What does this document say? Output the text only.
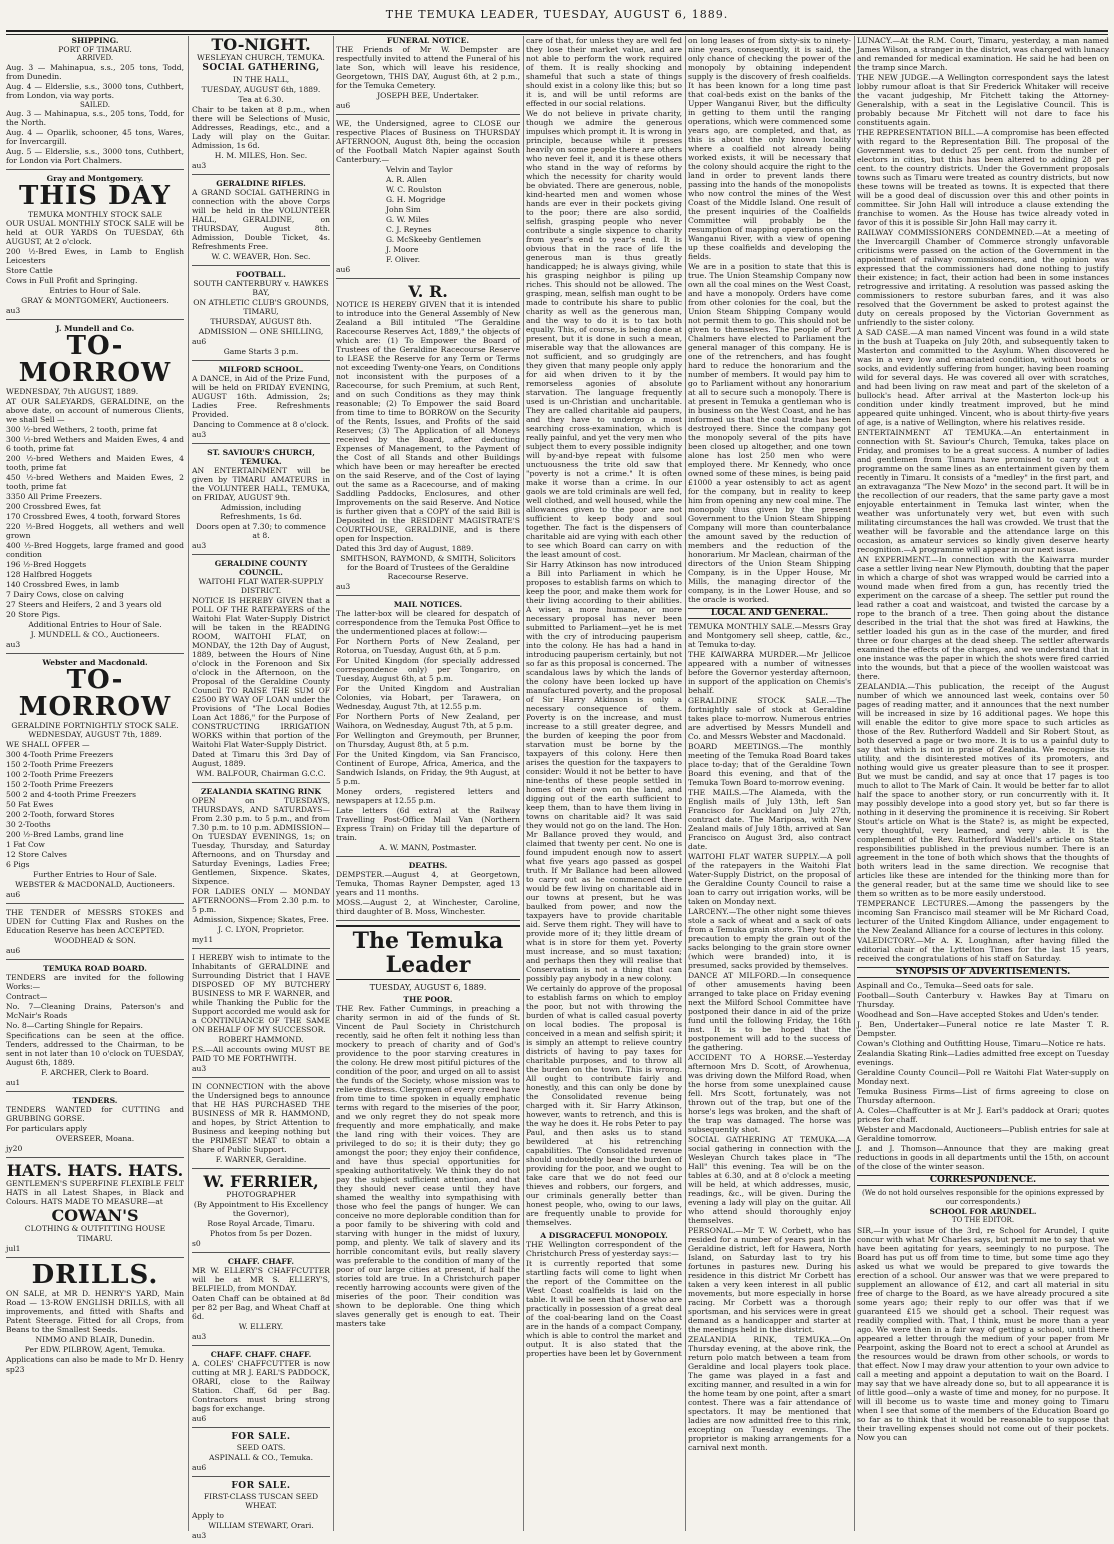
THE TEMUKA LEADER, TUESDAY, AUGUST 6, 1889.
SHIPPING.
PORT OF TIMARU.
ARRIVED.

Aug. 3 — Mahinapua, s.s., 205 tons, Todd, from Dunedin.

Aug. 4 — Elderslie, s.s., 3000 tons, Cuthbert, from London, via way ports.

SAILED.

Aug. 3 — Mahinapua, s.s., 205 tons, Todd, for the North.

Aug. 4 — Oparlik, schooner, 45 tons, Wares, for Invercargill.

Aug. 5 — Elderslie, s.s., 3000 tons, Cuthbert, for London via Port Chalmers.

Gray and Montgomery.
THIS DAY
TEMUKA MONTHLY STOCK SALE

OUR USUAL MONTHLY STOCK SALE will be held at OUR YARDS On TUESDAY, 6th AUGUST, At 2 o'clock.

200 ½-Bred Ewes, in Lamb to English Leicesters

Store Cattle

Cows in Full Profit and Springing.

Entries to Hour of Sale.

GRAY & MONTGOMERY, Auctioneers.

au3

J. Mundell and Co.
TO-MORROW

WEDNESDAY, 7th AUGUST, 1889.

AT OUR SALEYARDS, GERALDINE, on the above date, on account of numerous Clients, we shall Sell —

300 ½-bred Wethers, 2 tooth, prime fat

300 ½-bred Wethers and Maiden Ewes, 4 and 6 tooth, prime fat

200 ½-bred Wethers and Maiden Ewes, 4 tooth, prime fat

450 ½-bred Wethers and Maiden Ewes, 2 tooth, prime fat

3350 All Prime Freezers.

200 Crossbred Ewes, fat

170 Crossbred Ewes, 4 tooth, forward Stores

220 ½-Bred Hoggets, all wethers and well grown

400 ½-Bred Hoggets, large framed and good condition

196 ½-Bred Hoggets

128 Halfbred Hoggets

140 Crossbred Ewes, in lamb

7 Dairy Cows, close on calving

27 Steers and Heifers, 2 and 3 years old

20 Store Pigs.

Additional Entries to Hour of Sale.

J. MUNDELL & CO., Auctioneers.

au3

Webster and Macdonald.
TO-MORROW
GERALDINE FORTNIGHTLY STOCK SALE.

WEDNESDAY, AUGUST 7th, 1889.

WE SHALL OFFER —

300 4-Tooth Prime Freezers

150 2-Tooth Prime Freezers

100 2-Tooth Prime Freezers

150 2-Tooth Prime Freezers

500 2 and 4-tooth Prime Freezers

50 Fat Ewes

200 2-Tooth, forward Stores

30 2-Tooths

200 ½-Bred Lambs, grand line

1 Fat Cow

12 Store Calves

6 Pigs

Further Entries to Hour of Sale.

WEBSTER & MACDONALD, Auctioneers.

au6

THE TENDER of MESSRS STOKES and UDEN for Cutting Flax and Rushes on the Education Reserve has been ACCEPTED.

WOODHEAD & SON.

au6

TEMUKA ROAD BOARD.

TENDERS are invited for the following Works:—

Contract—

No. 7—Cleaning Drains, Paterson's and McNair's Roads

No. 8—Carting Shingle for Repairs.

Specifications can be seen at the office. Tenders, addressed to the Chairman, to be sent in not later than 10 o'clock on TUESDAY, August 6th, 1889.

F. ARCHER, Clerk to Board.

au1

TENDERS.

TENDERS WANTED for CUTTING and GRUBBING GORSE.

For particulars apply

OVERSEER, Moana.

jy20

HATS. HATS. HATS.

GENTLEMEN'S SUPERFINE FLEXIBLE FELT HATS in all Latest Shapes, in Black and Colours. HATS MADE TO MEASURE—at

COWAN'S

CLOTHING & OUTFITTING HOUSE

TIMARU.

jul1

DRILLS.

ON SALE, at MR D. HENRY'S YARD, Main Road — 13-ROW ENGLISH DRILLS, with all improvements, and fitted with Shafts and Patent Steerage. Fitted for all Crops, from Beans to the Smallest Seeds.

NIMMO AND BLAIR, Dunedin.

Per EDW. PILBROW, Agent, Temuka.

Applications can also be made to Mr D. Henry

sp23

TO-NIGHT.

WESLEYAN CHURCH, TEMUKA.

SOCIAL GATHERING,

IN THE HALL,

TUESDAY, AUGUST 6th, 1889.

Tea at 6.30.

Chair to be taken at 8 p.m., when there will be Selections of Music, Addresses, Readings, etc., and a Lady will play on the Guitar. Admission, 1s 6d.

H. M. MILES, Hon. Sec.

au3

GERALDINE RIFLES.

A GRAND SOCIAL GATHERING in connection with the above Corps will be held in the VOLUNTEER HALL, GERALDINE, on THURSDAY, August 8th. Admission, Double Ticket, 4s. Refreshments Free.

W. C. WEAVER, Hon. Sec.

FOOTBALL.

SOUTH CANTERBURY v. HAWKES BAY,

ON ATHLETIC CLUB'S GROUNDS, TIMARU,

THURSDAY, AUGUST 8th.

ADMISSION — ONE SHILLING,

au6

Game Starts 3 p.m.

MILFORD SCHOOL.

A DANCE, in Aid of the Prize Fund, will be held on FRIDAY EVENING, AUGUST 16th. Admission, 2s; Ladies Free. Refreshments Provided.

Dancing to Commence at 8 o'clock.

au3

ST. SAVIOUR'S CHURCH, TEMUKA.

AN ENTERTAINMENT will be given by TIMARU AMATEURS in the VOLUNTEER HALL, TEMUKA, on FRIDAY, AUGUST 9th.

Admission, including Refreshments, 1s 6d.

Doors open at 7.30; to commence at 8.

au3

GERALDINE COUNTY COUNCIL.

WAITOHI FLAT WATER-SUPPLY DISTRICT.

NOTICE IS HEREBY GIVEN that a POLL OF THE RATEPAYERS of the Waitohi Flat Water-Supply District will be taken in the READING ROOM, WAITOHI FLAT, on MONDAY, the 12th Day of August, 1889, between the Hours of Nine o'clock in the Forenoon and Six o'clock in the Afternoon, on the Proposal of the Geraldine County Council TO RAISE THE SUM OF £2500 BY WAY OF LOAN under the Provisions of "The Local Bodies Loan Act 1886," for the Purpose of CONSTRUCTING IRRIGATION WORKS within that portion of the Waitohi Flat Water-Supply District.

Dated at Timaru this 3rd Day of August, 1889.

WM. BALFOUR, Chairman G.C.C.

ZEALANDIA SKATING RINK

OPEN on TUESDAYS, THURSDAYS, AND SATURDAYS—From 2.30 p.m. to 5 p.m., and from 7.30 p.m. to 10 p.m. ADMISSION—On TUESDAY EVENINGS, 1s; on Tuesday, Thursday, and Saturday Afternoons, and on Thursday and Saturday Evenings, Ladies Free; Gentlemen, Sixpence. Skates, Sixpence.

FOR LADIES ONLY — MONDAY AFTERNOONS—From 2.30 p.m. to 5 p.m.

Admission, Sixpence; Skates, Free.

J. C. LYON, Proprietor.

my11

I HEREBY wish to intimate to the Inhabitants of GERALDINE and Surrounding District that I HAVE DISPOSED OF MY BUTCHERY BUSINESS to MR F. WARNER, and while Thanking the Public for the Support accorded me would ask for a CONTINUANCE OF THE SAME ON BEHALF OF MY SUCCESSOR.

ROBERT HAMMOND.

P.S.—All accounts owing MUST BE PAID TO ME FORTHWITH.

au3

IN CONNECTION with the above the Undersigned begs to announce that HE HAS PURCHASED THE BUSINESS of MR R. HAMMOND, and hopes, by Strict Attention to Business and keeping nothing but the PRIMEST MEAT to obtain a Share of Public Support.

F. WARNER, Geraldine.

W. FERRIER,

PHOTOGRAPHER

(By Appointment to His Excellency the Governor),

Rose Royal Arcade, Timaru.

Photos from 5s per Dozen.

s0

CHAFF. CHAFF.

MR W. ELLERY'S CHAFFCUTTER will be at MR S. ELLERY'S, BELFIELD, from MONDAY.

Oaten Chaff can be obtained at 8d per 82 per Bag, and Wheat Chaff at 6d.

W. ELLERY.

au3

CHAFF. CHAFF. CHAFF.

A. COLES' CHAFFCUTTER is now cutting at MR J. EARL'S PADDOCK, ORARI, close to the Railway Station. Chaff, 6d per Bag. Contractors must bring strong bags for exchange.

au6

FOR SALE.

SEED OATS.

ASPINALL & CO., Temuka.

au6

FOR SALE.

FIRST-CLASS TUSCAN SEED WHEAT.

Apply to

WILLIAM STEWART, Orari.

au3

FUNERAL NOTICE.

THE Friends of Mr W. Dempster are respectfully invited to attend the Funeral of his late Son, which will leave his residence, Georgetown, THIS DAY, August 6th, at 2 p.m., for the Temuka Cemetery.

JOSEPH BEE, Undertaker.

au6

WE, the Undersigned, agree to CLOSE our respective Places of Business on THURSDAY AFTERNOON, August 8th, being the occasion of the Football Match Napier against South Canterbury.—

Velvin and Taylor

A. R. Allen

W. C. Roulston

G. H. Mogridge

John Sim

G. W. Miles

C. J. Reynes

G. McSkeeby Gentlemen

J. Moore

F. Oliver.

au6

V. R.

NOTICE IS HEREBY GIVEN that it is intended to introduce into the General Assembly of New Zealand a Bill intituled "The Geraldine Racecourse Reserves Act, 1889," the objects of which are: (1) To Empower the Board of Trustees of the Geraldine Racecourse Reserve to LEASE the Reserve for any Term or Terms not exceeding Twenty-one Years, on Conditions not inconsistent with the purposes of a Racecourse, for such Premium, at such Rent, and on such Conditions as they may think reasonable; (2) To Empower the said Board from time to time to BORROW on the Security of the Rents, Issues, and Profits of the said Reserves; (3) The Application of all Moneys received by the Board, after deducting Expenses of Management, to the Payment of the Cost of all Stands and other Buildings which have been or may hereafter be erected on the said Reserve, and of the Cost of laying out the same as a Racecourse, and of making Saddling Paddocks, Enclosures, and other Improvements on the said Reserve. And Notice is further given that a COPY of the said Bill is Deposited in the RESIDENT MAGISTRATE'S COURTHOUSE, GERALDINE, and is there open for Inspection.

Dated this 3rd day of August, 1889.

SMITHSON, RAYMOND, & SMITH, Solicitors for the Board of Trustees of the Geraldine Racecourse Reserve.

au3

MAIL NOTICES.

The latter-box will be cleared for despatch of correspondence from the Temuka Post Office to the undermentioned places at follow:—

For Northern Ports of New Zealand, per Rotorua, on Tuesday, August 6th, at 5 p.m.

For United Kingdom (for specially addressed correspondence only) per Tongariro, on Tuesday, August 6th, at 5 p.m.

For the United Kingdom and Australian Colonies, via Hobart, per Tarawera, on Wednesday, August 7th, at 12.55 p.m.

For Northern Ports of New Zealand, per Waihora, on Wednesday, August 7th, at 5 p.m.

For Wellington and Greymouth, per Brunner, on Thursday, August 8th, at 5 p.m.

For the United Kingdom, via San Francisco, Continent of Europe, Africa, America, and the Sandwich Islands, on Friday, the 9th August, at 5 p.m.

Money orders, registered letters and newspapers at 12.55 p.m.

Late letters (6d extra) at the Railway Travelling Post-Office Mail Van (Northern Express Train) on Friday till the departure of train.

A. W. MANN, Postmaster.

DEATHS.

DEMPSTER.—August 4, at Georgetown, Temuka, Thomas Rayner Dempster, aged 13 years and 11 months.

MOSS.—August 2, at Winchester, Caroline, third daughter of B. Moss, Winchester.

The Temuka Leader
TUESDAY, AUGUST 6, 1889.
THE POOR.

THE Rev. Father Cummings, in preaching a charity sermon in aid of the funds of St. Vincent de Paul Society in Christchurch recently, said he often felt it nothing less than mockery to preach of charity and of God's providence to the poor starving creatures in the colony. He drew most pitiful pictures of the condition of the poor, and urged on all to assist the funds of the Society, whose mission was to relieve distress. Clergymen of every creed have from time to time spoken in equally emphatic terms with regard to the miseries of the poor, and we only regret they do not speak more frequently and more emphatically, and make the land ring with their voices. They are privileged to do so; it is their duty; they go amongst the poor; they enjoy their confidence, and have thus special opportunities for speaking authoritatively. We think they do not pay the subject sufficient attention, and that they should never cease until they have shamed the wealthy into sympathising with those who feel the pangs of hunger. We can conceive no more deplorable condition than for a poor family to be shivering with cold and starving with hunger in the midst of luxury, pomp, and plenty. We talk of slavery and its horrible concomitant evils, but really slavery was preferable to the condition of many of the poor of our large cities at present, if half the stories told are true. In a Christchurch paper recently harrowing accounts were given of the miseries of the poor. Their condition was shown to be deplorable. One thing which slaves generally get is enough to eat. Their masters take

care of that, for unless they are well fed they lose their market value, and are not able to perform the work required of them. It is really shocking and shameful that such a state of things should exist in a colony like this; but so it is, and will be until reforms are effected in our social relations.

We do not believe in private charity, though we admire the generous impulses which prompt it. It is wrong in principle, because while it presses heavily on some people there are others who never feel it, and it is these others who stand in the way of reforms by which the necessity for charity would be obviated. There are generous, noble, kind-hearted men and women whose hands are ever in their pockets giving to the poor; there are also sordid, selfish, grasping people who never contribute a single sixpence to charity from year's end to year's end. It is obvious that in the race of life the generous man is thus greatly handicapped; he is always giving, while his grasping neighbor is piling up riches. This should not be allowed. The grasping, mean, selfish man ought to be made to contribute his share to public charity as well as the generous man, and the way to do it is to tax both equally. This, of course, is being done at present, but it is done in such a mean, miserable way that the allowances are not sufficient, and so grudgingly are they given that many people only apply for aid when driven to it by the remorseless agonies of absolute starvation. The language frequently used is un-Christian and uncharitable. They are called charitable aid paupers, and they have to undergo a most searching cross-examination, which is really painful, and yet the very men who subject them to every possible indignity will by-and-bye repeat with fulsome unctuousness the trite old saw that "poverty is not a crime." It is often make it worse than a crime. In our gaols we are told criminals are well fed, well clothed, and well housed, while the allowances given to the poor are not sufficient to keep body and soul together. The fact is the dispensers of charitable aid are vying with each other to see which Board can carry on with the least amount of cost.

Sir Harry Atkinson has now introduced a Bill into Parliament in which he proposes to establish farms on which to keep the poor, and make them work for their living according to their abilities. A wiser, a more humane, or more necessary proposal has never been submitted to Parliament—yet he is met with the cry of introducing pauperism into the colony. He has had a hand in introducing pauperism certainly, but not so far as this proposal is concerned. The scandalous laws by which the lands of the colony have been locked up have manufactured poverty, and the proposal of Sir Harry Atkinson is only a necessary consequence of them. Poverty is on the increase, and must increase to a still greater degree, and the burden of keeping the poor from starvation must be borne by the taxpayers of this colony. Here then arises the question for the taxpayers to consider: Would it not be better to have nine-tenths of these people settled in homes of their own on the land, and digging out of the earth sufficient to keep them, than to have them living in towns on charitable aid? It was said they would not go on the land. The Hon. Mr Ballance proved they would, and claimed that twenty per cent. No one is found impudent enough now to assert what five years ago passed as gospel truth. If Mr Ballance had been allowed to carry out as he commenced there would be few living on charitable aid in our towns at present, but he was baulked from power, and now the taxpayers have to provide charitable aid. Serve them right. They will have to provide more of it; they little dream of what is in store for them yet. Poverty must increase, and so must taxation; and perhaps then they will realise that Conservatism is not a thing that can possibly pay anybody in a new colony.

We certainly do approve of the proposal to establish farms on which to employ the poor, but not with throwing the burden of what is called casual poverty on local bodies. The proposal is conceived in a mean and selfish spirit; it is simply an attempt to relieve country districts of having to pay taxes for charitable purposes, and to throw all the burden on the town. This is wrong. All ought to contribute fairly and honestly, and this can only be done by the Consolidated revenue being charged with it. Sir Harry Atkinson, however, wants to retrench, and this is the way he does it. He robs Peter to pay Paul, and then asks us to stand bewildered at his retrenching capabilities. The Consolidated revenue should undoubtedly bear the burden of providing for the poor, and we ought to take care that we do not feed our thieves and robbers, our forgers, and our criminals generally better than honest people, who, owing to our laws, are frequently unable to provide for themselves.

A DISGRACEFUL MONOPOLY.

THE Wellington correspondent of the Christchurch Press of yesterday says:—

It is currently reported that some startling facts will come to light when the report of the Committee on the West Coast coalfields is laid on the table. It will be seen that those who are practically in possession of a great deal of the coal-bearing land on the Coast are in the hands of a compact Company, which is able to control the market and output. It is also stated that the properties have been let by Government

on long leases of from sixty-six to ninety-nine years, consequently, it is said, the only chance of checking the power of the monopoly by obtaining independent supply is the discovery of fresh coalfields. It has been known for a long time past that coal-beds exist on the banks of the Upper Wanganui River, but the difficulty in getting to them until the ranging operations, which were commenced some years ago, are completed, and that, as this is about the only known locality where a coalfield not already being worked exists, it will be necessary that the colony should acquire the right to the land in order to prevent lands there passing into the hands of the monopolists who now control the mines of the West Coast of the Middle Island. One result of the present inquiries of the Coalfields Committee will probably be the resumption of mapping operations on the Wanganui River, with a view of opening up these coalfields and developing the fields.

We are in a position to state that this is true. The Union Steamship Company now own all the coal mines on the West Coast, and have a monopoly. Orders have come from other colonies for the coal, but the Union Steam Shipping Company would not permit them to go. This should not be given to themselves. The people of Port Chalmers have elected to Parliament the general manager of this company. He is one of the retrenchers, and has fought hard to reduce the honorarium and the number of members. It would pay him to go to Parliament without any honorarium at all to secure such a monopoly. There is at present in Temuka a gentleman who is in business on the West Coast, and he has informed us that the coal trade has been destroyed there. Since the company got the monopoly several of the pits have been closed up altogether, and one town alone has lost 250 men who were employed there. Mr Kennedy, who once owned some of these mines, is being paid £1000 a year ostensibly to act as agent for the company, but in reality to keep him from opening any new coal mine. The monopoly thus given by the present Government to the Union Steam Shipping Company will more than counterbalance the amount saved by the reduction of members and the reduction of the honorarium. Mr Maclean, chairman of the directors of the Union Steam Shipping Company, is in the Upper House, Mr Mills, the managing director of the company, is in the Lower House, and so the oracle is worked.

LOCAL AND GENERAL.

TEMUKA MONTHLY SALE.—Messrs Gray and Montgomery sell sheep, cattle, &c., at Temuka to-day.

THE KAIWARRA MURDER.—Mr Jellicoe appeared with a number of witnesses before the Governor yesterday afternoon, in support of the application on Chemis's behalf.

GERALDINE STOCK SALE.—The fortnightly sale of stock at Geraldine takes place to-morrow. Numerous entries are advertised by Messrs Mundell and Co. and Messrs Webster and Macdonald.

BOARD MEETINGS.—The monthly meeting of the Temuka Road Board takes place to-day; that of the Geraldine Town Board this evening, and that of the Temuka Town Board to-morrow evening.

THE MAILS.—The Alameda, with the English mails of July 13th, left San Francisco for Auckland on July 27th, contract date. The Mariposa, with New Zealand mails of July 18th, arrived at San Francisco on August 3rd, also contract date.

WAITOHI FLAT WATER SUPPLY.—A poll of the ratepayers in the Waitohi Flat Water-Supply District, on the proposal of the Geraldine County Council to raise a loan to carry out irrigation works, will be taken on Monday next.

LARCENY.—The other night some thieves stole a sack of wheat and a sack of oats from a Temuka grain store. They took the precaution to empty the grain out of the sacks belonging to the grain store owner (which were branded) into, it is presumed, sacks provided by themselves.

DANCE AT MILFORD.—In consequence of other amusements having been arranged to take place on Friday evening next the Milford School Committee have postponed their dance in aid of the prize fund until the following Friday, the 16th inst. It is to be hoped that the postponement will add to the success of the gathering.

ACCIDENT TO A HORSE.—Yesterday afternoon Mrs D. Scott, of Arowhenua, was driving down the Milford Road, when the horse from some unexplained cause fell. Mrs Scott, fortunately, was not thrown out of the trap, but one of the horse's legs was broken, and the shaft of the trap was damaged. The horse was subsequently shot.

SOCIAL GATHERING AT TEMUKA.—A social gathering in connection with the Wesleyan Church takes place in "The Hall" this evening. Tea will be on the tables at 6.30, and at 8 o'clock a meeting will be held, at which addresses, music, readings, &c., will be given. During the evening a lady will play on the guitar. All who attend should thoroughly enjoy themselves.

PERSONAL.—Mr T. W. Corbett, who has resided for a number of years past in the Geraldine district, left for Hawera, North Island, on Saturday last to try his fortunes in pastures new. During his residence in this district Mr Corbett has taken a very keen interest in all public movements, but more especially in horse racing. Mr Corbett was a thorough sportsman, and his services were in great demand as a handicapper and starter at the meetings held in the district.

ZEALANDIA RINK, TEMUKA.—On Thursday evening, at the above rink, the return polo match between a team from Geraldine and local players took place. The game was played in a fast and exciting manner, and resulted in a win for the home team by one point, after a smart contest. There was a fair attendance of spectators. It may be mentioned that ladies are now admitted free to this rink, excepting on Tuesday evenings. The proprietor is making arrangements for a carnival next month.

LUNACY.—At the R.M. Court, Timaru, yesterday, a man named James Wilson, a stranger in the district, was charged with lunacy and remanded for medical examination. He said he had been on the tramp since March.

THE NEW JUDGE.—A Wellington correspondent says the latest lobby rumour afloat is that Sir Frederick Whitaker will receive the vacant judgeship, Mr Fitchett taking the Attorney-Generalship, with a seat in the Legislative Council. This is probably because Mr Fitchett will not dare to face his constituents again.

THE REPRESENTATION BILL.—A compromise has been effected with regard to the Representation Bill. The proposal of the Government was to deduct 25 per cent. from the number of electors in cities, but this has been altered to adding 28 per cent. to the country districts. Under the Government proposals towns such as Timaru were treated as country districts, but now these towns will be treated as towns. It is expected that there will be a good deal of discussion over this and other points in committee. Sir John Hall will introduce a clause extending the franchise to women. As the House has twice already voted in favor of this it is possible Sir John Hall may carry it.

RAILWAY COMMISSIONERS CONDEMNED.—At a meeting of the Invercargill Chamber of Commerce strongly unfavorable criticisms were passed on the action of the Government in the appointment of railway commissioners, and the opinion was expressed that the commissioners had done nothing to justify their existence; in fact, their action had been in some instances retrogressive and irritating. A resolution was passed asking the commissioners to restore suburban fares, and it was also resolved that the Government be asked to protest against the duty on cereals proposed by the Victorian Government as unfriendly to the sister colony.

A SAD CASE.—A man named Vincent was found in a wild state in the bush at Tuapeka on July 20th, and subsequently taken to Masterton and committed to the Asylum. When discovered he was in a very low and emaciated condition, without boots or socks, and evidently suffering from hunger, having been roaming wild for several days. He was covered all over with scratches, and had been living on raw meat and part of the skeleton of a bullock's head. After arrival at the Masterton lock-up his condition under kindly treatment improved, but he mind appeared quite unhinged. Vincent, who is about thirty-five years of age, is a native of Wellington, where his relatives reside.

ENTERTAINMENT AT TEMUKA.—An entertainment in connection with St. Saviour's Church, Temuka, takes place on Friday, and promises to be a great success. A number of ladies and gentlemen from Timaru have promised to carry out a programme on the same lines as an entertainment given by them recently in Timaru. It consists of a "medley" in the first part, and an extravaganza "The New Mozo" in the second part. It will be in the recollection of our readers, that the same party gave a most enjoyable entertainment in Temuka last winter, when the weather was unfortunately very wet, but even with such militating circumstances the hall was crowded. We trust that the weather will be favorable and the attendance large on this occasion, as amateur services so kindly given deserve hearty recognition.—A programme will appear in our next issue.

AN EXPERIMENT.—In connection with the Kaiwarra murder case a settler living near New Plymouth, doubting that the paper in which a charge of shot was wrapped would be carried into a wound made when fired from a gun, has recently tried the experiment on the carcase of a sheep. The settler put round the lead rather a coat and waistcoat, and twisted the carcase by a rope to the branch of a tree. Then going about the distance described in the trial that the shot was fired at Hawkins, the settler loaded his gun as in the case of the murder, and fired three or four charges at the dead sheep. The settler afterwards examined the effects of the charges, and we understand that in one instance was the paper in which the shots were fired carried into the wounds, but that a piece of the woollen waistcoat was there.

ZEALANDIA.—This publication, the receipt of the August number of which we announced last week, contains over 50 pages of reading matter, and it announces that the next number will be increased in size by 16 additional pages. We hope this will enable the editor to give more space to such articles as those of the Rev. Rutherford Waddell and Sir Robert Stout, as both deserved a page or two more. It is to us a painful duty to say that which is not in praise of Zealandia. We recognise its utility, and the disinterested motives of its promoters, and nothing would give us greater pleasure than to see it prosper. But we must be candid, and say at once that 17 pages is too much to allot to The Mark of Cain. It would be better far to allot half the space to another story, or run concurrently with it. It may possibly develope into a good story yet, but so far there is nothing in it deserving the prominence it is receiving. Sir Robert Stout's article on What is the State? is, as might be expected, very thoughtful, very learned, and very able. It is the complement of the Rev. Rutherford Waddell's article on State responsibilities published in the previous number. There is an agreement in the tone of both which shows that the thoughts of both writers lead in the same direction. We recognise that articles like these are intended for the thinking more than for the general reader, but at the same time we should like to see them so written as to be more easily understood.

TEMPERANCE LECTURES.—Among the passengers by the incoming San Francisco mail steamer will be Mr Richard Coad, lecturer of the United Kingdom Alliance, under engagement to the New Zealand Alliance for a course of lectures in this colony.

VALEDICTORY.—Mr A. K. Loughnan, after having filled the editorial chair of the Lyttelton Times for the last 15 years, received the congratulations of his staff on Saturday.

SYNOPSIS OF ADVERTISEMENTS.

Aspinall and Co., Temuka—Seed oats for sale.

Football—South Canterbury v. Hawkes Bay at Timaru on Thursday.

Woodhead and Son—Have accepted Stokes and Uden's tender.

J. Ben, Undertaker—Funeral notice re late Master T. R. Dempster.

Cowan's Clothing and Outfitting House, Timaru—Notice re hats.

Zealandia Skating Rink—Ladies admitted free except on Tuesday evenings.

Geraldine County Council—Poll re Waitohi Flat Water-supply on Monday next.

Temuka Business Firms—List of firms agreeing to close on Thursday afternoon.

A. Coles—Chaffcutter is at Mr J. Earl's paddock at Orari; quotes prices for chaff.

Webster and Macdonald, Auctioneers—Publish entries for sale at Geraldine tomorrow.

J. and J. Thomson—Announce that they are making great reductions in goods in all departments until the 15th, on account of the close of the winter season.

CORRESPONDENCE.

(We do not hold ourselves responsible for the opinions expressed by our correspondents.)

SCHOOL FOR ARUNDEL.

TO THE EDITOR.

SIR,—In your issue of the 3rd, re School for Arundel, I quite concur with what Mr Charles says, but permit me to say that we have been agitating for years, seemingly to no purpose. The Board has put us off from time to time, but some time ago they asked us what we would be prepared to give towards the erection of a school. Our answer was that we were prepared to supplement an allowance of £12, and cart all material in situ free of charge to the Board, as we have already procured a site some years ago; their reply to our offer was that if we guaranteed £15 we should get a school. Their request was readily complied with. That, I think, must be more than a year ago. We were then in a fair way of getting a school, until there appeared a letter through the medium of your paper from Mr Pearpoint, asking the Board not to erect a school at Arundel as the resources would be drawn from other schools, or words to that effect. Now I may draw your attention to your own advice to call a meeting and appoint a deputation to wait on the Board. I may say that we have already done so, but to all appearance it is of little good—only a waste of time and money, for no purpose. It will ill become us to waste time and money going to Timaru when I see that some of the members of the Education Board go so far as to think that it would be reasonable to suppose that their travelling expenses should not come out of their pockets. Now you can
